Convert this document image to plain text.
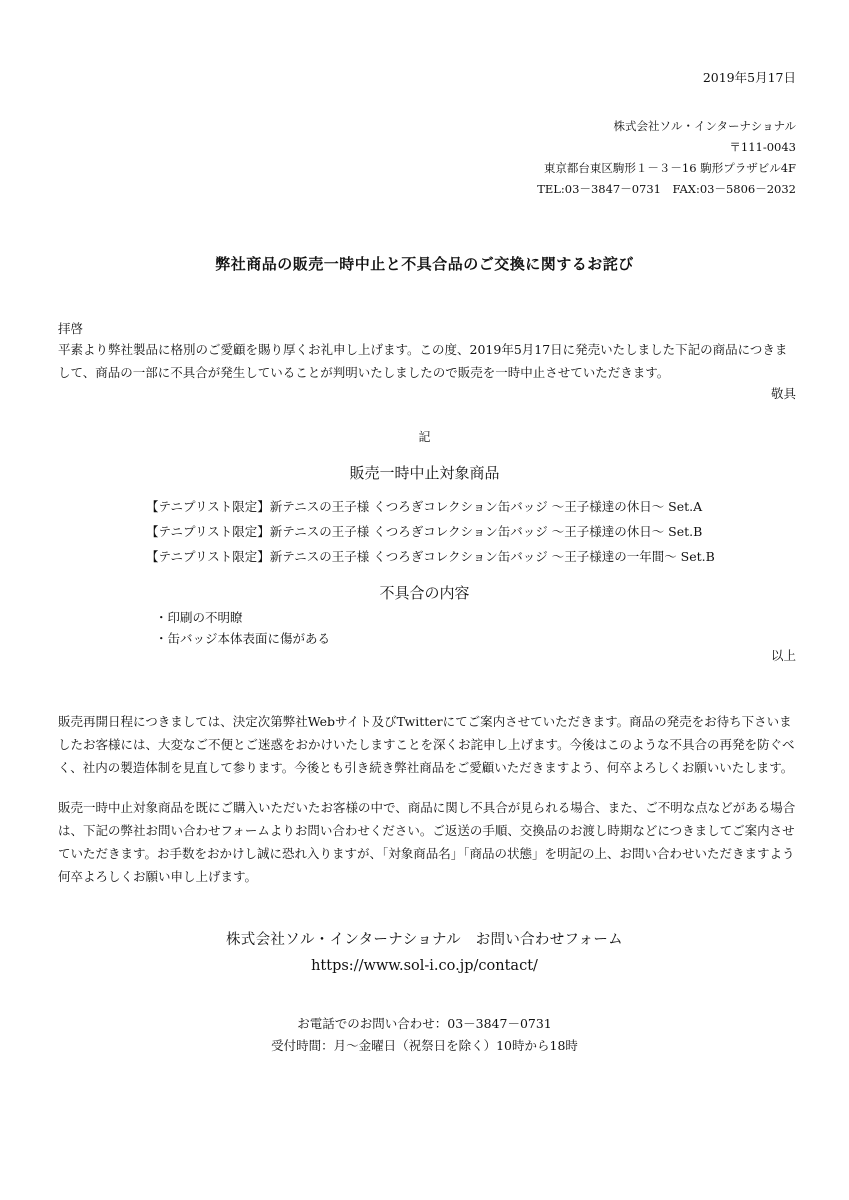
2019年5月17日
株式会社ソル・インターナショナル
〒111-0043
東京都台東区駒形１－３－16 駒形プラザビル4F
TEL:03－3847－0731　FAX:03－5806－2032
弊社商品の販売一時中止と不具合品のご交換に関するお詫び
拝啓
平素より弊社製品に格別のご愛顧を賜り厚くお礼申し上げます。この度、2019年5月17日に発売いたしました下記の商品につきまして、商品の一部に不具合が発生していることが判明いたしましたので販売を一時中止させていただきます。
敬具
記
販売一時中止対象商品
【テニプリスト限定】新テニスの王子様 くつろぎコレクション缶バッジ ～王子様達の休日～ Set.A
【テニプリスト限定】新テニスの王子様 くつろぎコレクション缶バッジ ～王子様達の休日～ Set.B
【テニプリスト限定】新テニスの王子様 くつろぎコレクション缶バッジ ～王子様達の一年間～ Set.B
不具合の内容
・印刷の不明瞭
・缶バッジ本体表面に傷がある
以上
販売再開日程につきましては、決定次第弊社Webサイト及びTwitterにてご案内させていただきます。商品の発売をお待ち下さいましたお客様には、大変なご不便とご迷惑をおかけいたしますことを深くお詫申し上げます。今後はこのような不具合の再発を防ぐべく、社内の製造体制を見直して参ります。今後とも引き続き弊社商品をご愛顧いただきますよう、何卒よろしくお願いいたします。
販売一時中止対象商品を既にご購入いただいたお客様の中で、商品に関し不具合が見られる場合、また、ご不明な点などがある場合は、下記の弊社お問い合わせフォームよりお問い合わせください。ご返送の手順、交換品のお渡し時期などにつきましてご案内させていただきます。お手数をおかけし誠に恐れ入りますが、「対象商品名」「商品の状態」を明記の上、お問い合わせいただきますよう何卒よろしくお願い申し上げます。
株式会社ソル・インターナショナル　お問い合わせフォーム
https://www.sol-i.co.jp/contact/
お電話でのお問い合わせ：03－3847－0731
受付時間：月～金曜日（祝祭日を除く）10時から18時
